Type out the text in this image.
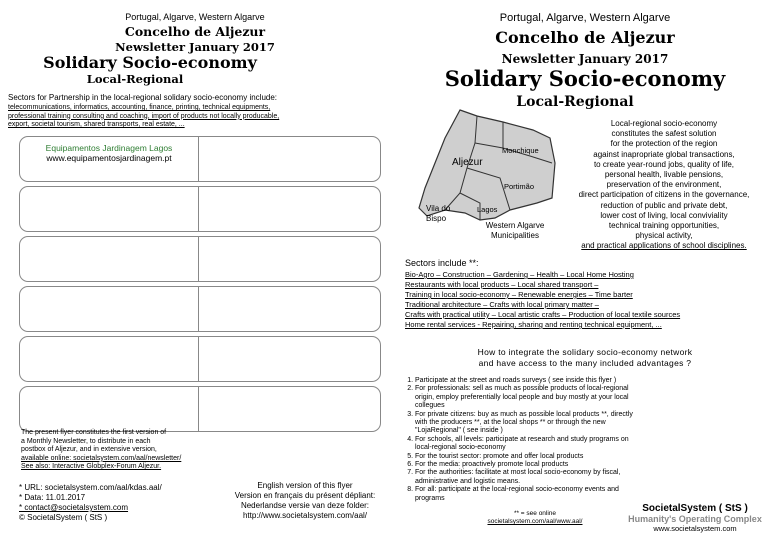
Portugal, Algarve, Western Algarve
Concelho de Aljezur
Newsletter January 2017
Solidary Socio-economy
Local-Regional
Sectors for Partnership in the local-regional solidary socio-economy include:
telecommunications, informatics, accounting, finance, printing, technical equipments,
professional training consulting and coaching, import of products not locally producable,
export, societal tourism, shared transports, real estate, ...
Equipamentos Jardinagem Lagos
www.equipamentosjardinagem.pt
The present flyer constitutes the first version of
a Monthly Newsletter, to distribute in each
postbox of Aljezur, and in extensive version,
available online: societalsystem.com/aal/newsletter/
See also: Interactive Globplex-Forum Aljezur.
* URL: societalsystem.com/aal/kdas.aal/
* Data: 11.01.2017
* contact@societalsystem.com
© SocietalSystem ( StS )
English version of this flyer
Version en français du présent dépliant:
Nederlandse versie van deze folder:
http://www.societalsystem.com/aal/
Portugal, Algarve, Western Algarve
Concelho de Aljezur
Newsletter January 2017
Solidary Socio-economy
Local-Regional
Aljezur
Monchique
Portimão
Vila do
Bispo
Lagos
Western Algarve
Municipalities
Local-regional socio-economy
constitutes the safest solution
for the protection of the region
against inapropriate global transactions,
to create year-round jobs, quality of life,
personal health, livable pensions,
preservation of the environment,
direct participation of citizens in the governance,
reduction of public and private debt,
lower cost of living, local conviviality
technical training opportunities,
physical activity,
and practical applications of school disciplines.
Sectors include **:
Bio-Agro – Construction – Gardening – Health – Local Home Hosting
Restaurants with local products – Local shared transport –
Training in local socio-economy – Renewable energies – Time barter
Traditional architecture – Crafts with local primary matter –
Crafts with practical utility – Local artistic crafts – Production of local textile sources
Home rental services - Repairing, sharing and renting technical equipment, ...
How to integrate the solidary socio-economy network
and have access to the many included advantages ?
1. Participate at the street and roads surveys ( see inside this flyer )
2. For professionals: sell as much as possible products of local-regional origin, employ preferentially local people and buy mostly at your local collegues
3. For private citizens: buy as much as possible local products **, directly with the producers **, at the local shops ** or through the new "LojaRegional" ( see inside )
4. For schools, all levels: participate at research and study programs on local-regional socio-economy
5. For the tourist sector: promote and offer local products
6. For the media: proactively promote local products
7. For the authorities: facilitate at most local socio-economy by fiscal, administrative and logistic means.
8. For all: participate at the local-regional socio-economy events and programs
** = see online
societalsystem.com/aal/www.aal/
SocietalSystem ( StS )
Humanity's Operating Complex
www.societalsystem.com
